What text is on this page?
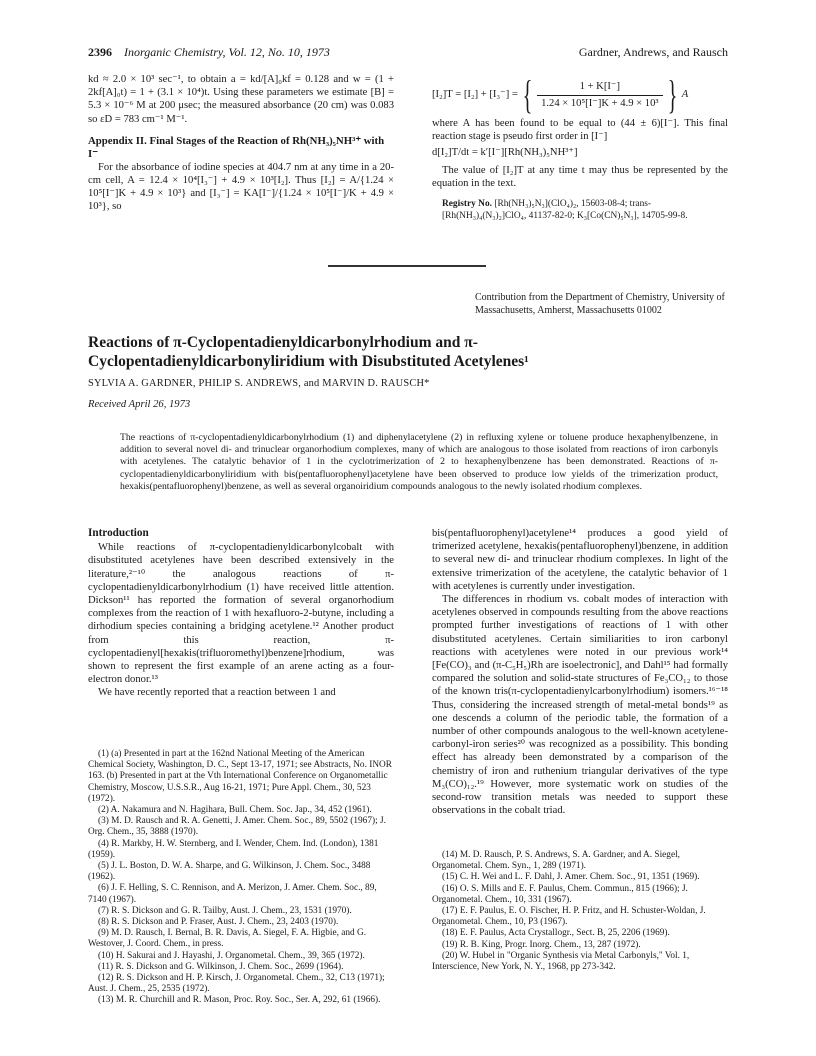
2396 Inorganic Chemistry, Vol. 12, No. 10, 1973	Gardner, Andrews, and Rausch

kd ≈ 2.0 × 10³ sec⁻¹, to obtain a = kd/[A]₀kf = 0.128 and w = (1 + 2kf[A]₀t) = 1 + (3.1 × 10⁴)t. Using these parameters we estimate [B] = 5.3 × 10⁻⁶ M at 200 μsec; the measured absorbance (20 cm) was 0.083 so εD = 783 cm⁻¹ M⁻¹.

Appendix II. Final Stages of the Reaction of Rh(NH₃)₅NH³⁺ with I⁻

For the absorbance of iodine species at 404.7 nm at any time in a 20-cm cell, A = 12.4 × 10⁴[I₃⁻] + 4.9 × 10³[I₂]. Thus [I₂] = A/{1.24 × 10⁵[I⁻]K + 4.9 × 10³} and [I₃⁻] = KA[I⁻]/{1.24 × 10⁵[I⁻]/K + 4.9 × 10³}, so

[I₂]T = [I₂] + [I₃⁻] = { $\frac{1 + K[I^-]}{\text{1.24 × 10⁵[I⁻]K + 4.9 × 10³}}$ } A

where A has been found to be equal to (44 ± 6)[I⁻]. This final reaction stage is pseudo first order in [I⁻]

d[I₂]T/dt = k′[I⁻][Rh(NH₃)₅NH³⁺]

The value of [I₂]T at any time t may thus be represented by the equation in the text.

Registry No. [Rh(NH₃)₅N₃](ClO₄)₂, 15603-08-4; trans-[Rh(NH₃)₄(N₃)₂]ClO₄, 41137-82-0; K₃[Co(CN)₅N₃], 14705-99-8.
Contribution from the Department of Chemistry, University of Massachusetts, Amherst, Massachusetts 01002
Reactions of π-Cyclopentadienyldicarbonylrhodium and π-Cyclopentadienyldicarbonyliridium with Disubstituted Acetylenes¹
SYLVIA A. GARDNER, PHILIP S. ANDREWS, and MARVIN D. RAUSCH*
Received April 26, 1973
The reactions of π-cyclopentadienyldicarbonylrhodium (1) and diphenylacetylene (2) in refluxing xylene or toluene produce hexaphenylbenzene, in addition to several novel di- and trinuclear organorhodium complexes, many of which are analogous to those isolated from reactions of iron carbonyls with acetylenes. The catalytic behavior of 1 in the cyclotrimerization of 2 to hexaphenylbenzene has been demonstrated. Reactions of π-cyclopentadienyldicarbonyliridium with bis(pentafluorophenyl)acetylene have been observed to produce low yields of the trimerization product, hexakis(pentafluorophenyl)benzene, as well as several organoiridium compounds analogous to the newly isolated rhodium complexes.
Introduction

While reactions of π-cyclopentadienyldicarbonylcobalt with disubstituted acetylenes have been described extensively in the literature,²⁻¹⁰ the analogous reactions of π-cyclopentadienyldicarbonylrhodium (1) have received little attention. Dickson¹¹ has reported the formation of several organorhodium complexes from the reaction of 1 with hexafluoro-2-butyne, including a dirhodium species containing a bridging acetylene.¹² Another product from this reaction, π-cyclopentadienyl[hexakis(trifluoromethyl)benzene]rhodium, was shown to represent the first example of an arene acting as a four-electron donor.¹³

We have recently reported that a reaction between 1 and

bis(pentafluorophenyl)acetylene¹⁴ produces a good yield of trimerized acetylene, hexakis(pentafluorophenyl)benzene, in addition to several new di- and trinuclear rhodium complexes. In light of the extensive trimerization of the acetylene, the catalytic behavior of 1 with acetylenes is currently under investigation.

The differences in rhodium vs. cobalt modes of interaction with acetylenes observed in compounds resulting from the above reactions prompted further investigations of reactions of 1 with other disubstituted acetylenes. Certain similiarities to iron carbonyl reactions with acetylenes were noted in our previous work¹⁴ [Fe(CO)₃ and (π-C₅H₅)Rh are isoelectronic], and Dahl¹⁵ had formally compared the solution and solid-state structures of Fe₃CO₁₂ to those of the known tris(π-cyclopentadienylcarbonylrhodium) isomers.¹⁶⁻¹⁸ Thus, considering the increased strength of metal-metal bonds¹⁹ as one descends a column of the periodic table, the formation of a number of other compounds analogous to the well-known acetylene-carbonyl-iron series²⁰ was recognized as a possibility. This bonding effect has already been demonstrated by a comparison of the chemistry of iron and ruthenium triangular derivatives of the type M₃(CO)₁₂.¹⁹ However, more systematic work on studies of the second-row transition metals was needed to support these observations in the cobalt triad.

(1) (a) Presented in part at the 162nd National Meeting of the American Chemical Society, Washington, D. C., Sept 13-17, 1971; see Abstracts, No. INOR 163. (b) Presented in part at the Vth International Conference on Organometallic Chemistry, Moscow, U.S.S.R., Aug 16-21, 1971; Pure Appl. Chem., 30, 523 (1972).
(2) A. Nakamura and N. Hagihara, Bull. Chem. Soc. Jap., 34, 452 (1961).
(3) M. D. Rausch and R. A. Genetti, J. Amer. Chem. Soc., 89, 5502 (1967); J. Org. Chem., 35, 3888 (1970).
(4) R. Markby, H. W. Sternberg, and I. Wender, Chem. Ind. (London), 1381 (1959).
(5) J. L. Boston, D. W. A. Sharpe, and G. Wilkinson, J. Chem. Soc., 3488 (1962).
(6) J. F. Helling, S. C. Rennison, and A. Merizon, J. Amer. Chem. Soc., 89, 7140 (1967).
(7) R. S. Dickson and G. R. Tailby, Aust. J. Chem., 23, 1531 (1970).
(8) R. S. Dickson and P. Fraser, Aust. J. Chem., 23, 2403 (1970).
(9) M. D. Rausch, I. Bernal, B. R. Davis, A. Siegel, F. A. Higbie, and G. Westover, J. Coord. Chem., in press.
(10) H. Sakurai and J. Hayashi, J. Organometal. Chem., 39, 365 (1972).
(11) R. S. Dickson and G. Wilkinson, J. Chem. Soc., 2699 (1964).
(12) R. S. Dickson and H. P. Kirsch, J. Organometal. Chem., 32, C13 (1971); Aust. J. Chem., 25, 2535 (1972).
(13) M. R. Churchill and R. Mason, Proc. Roy. Soc., Ser. A, 292, 61 (1966).
(14) M. D. Rausch, P. S. Andrews, S. A. Gardner, and A. Siegel, Organometal. Chem. Syn., 1, 289 (1971).
(15) C. H. Wei and L. F. Dahl, J. Amer. Chem. Soc., 91, 1351 (1969).
(16) O. S. Mills and E. F. Paulus, Chem. Commun., 815 (1966); J. Organometal. Chem., 10, 331 (1967).
(17) E. F. Paulus, E. O. Fischer, H. P. Fritz, and H. Schuster-Woldan, J. Organometal. Chem., 10, P3 (1967).
(18) E. F. Paulus, Acta Crystallogr., Sect. B, 25, 2206 (1969).
(19) R. B. King, Progr. Inorg. Chem., 13, 287 (1972).
(20) W. Hubel in "Organic Synthesis via Metal Carbonyls," Vol. 1, Interscience, New York, N. Y., 1968, pp 273-342.
